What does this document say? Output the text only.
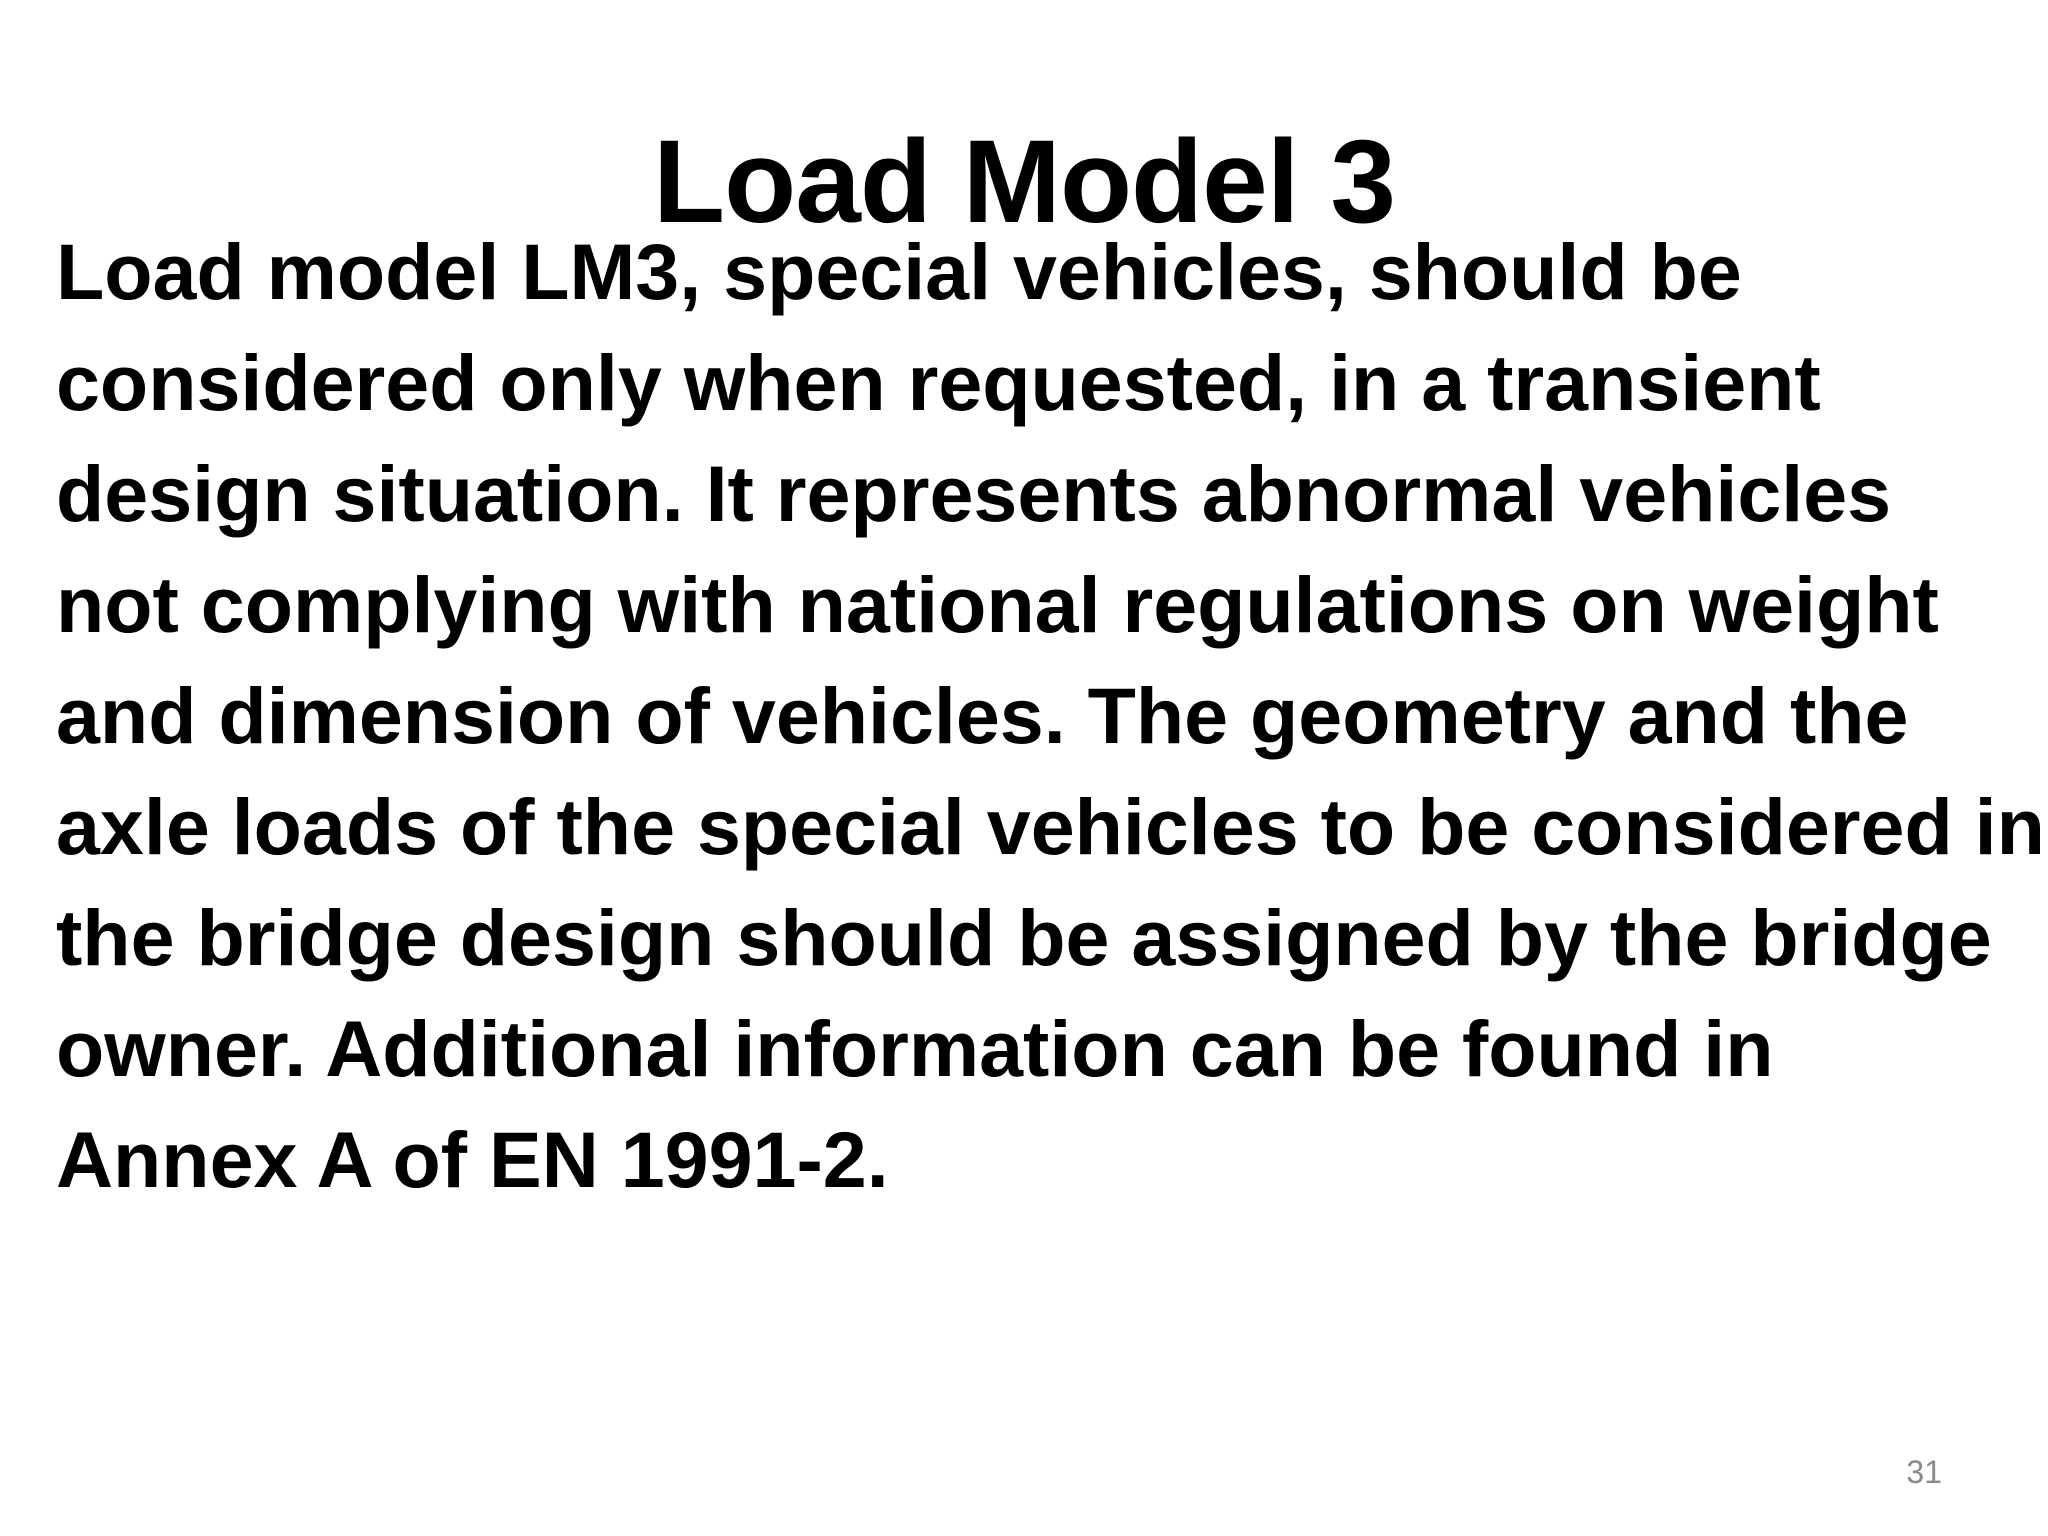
Load Model 3

Load model LM3, special vehicles, should be
considered only when requested, in a transient
design situation. It represents abnormal vehicles
not complying with national regulations on weight
and dimension of vehicles. The geometry and the
axle loads of the special vehicles to be considered in
the bridge design should be assigned by the bridge
owner. Additional information can be found in
Annex A of EN 1991-2.

31
